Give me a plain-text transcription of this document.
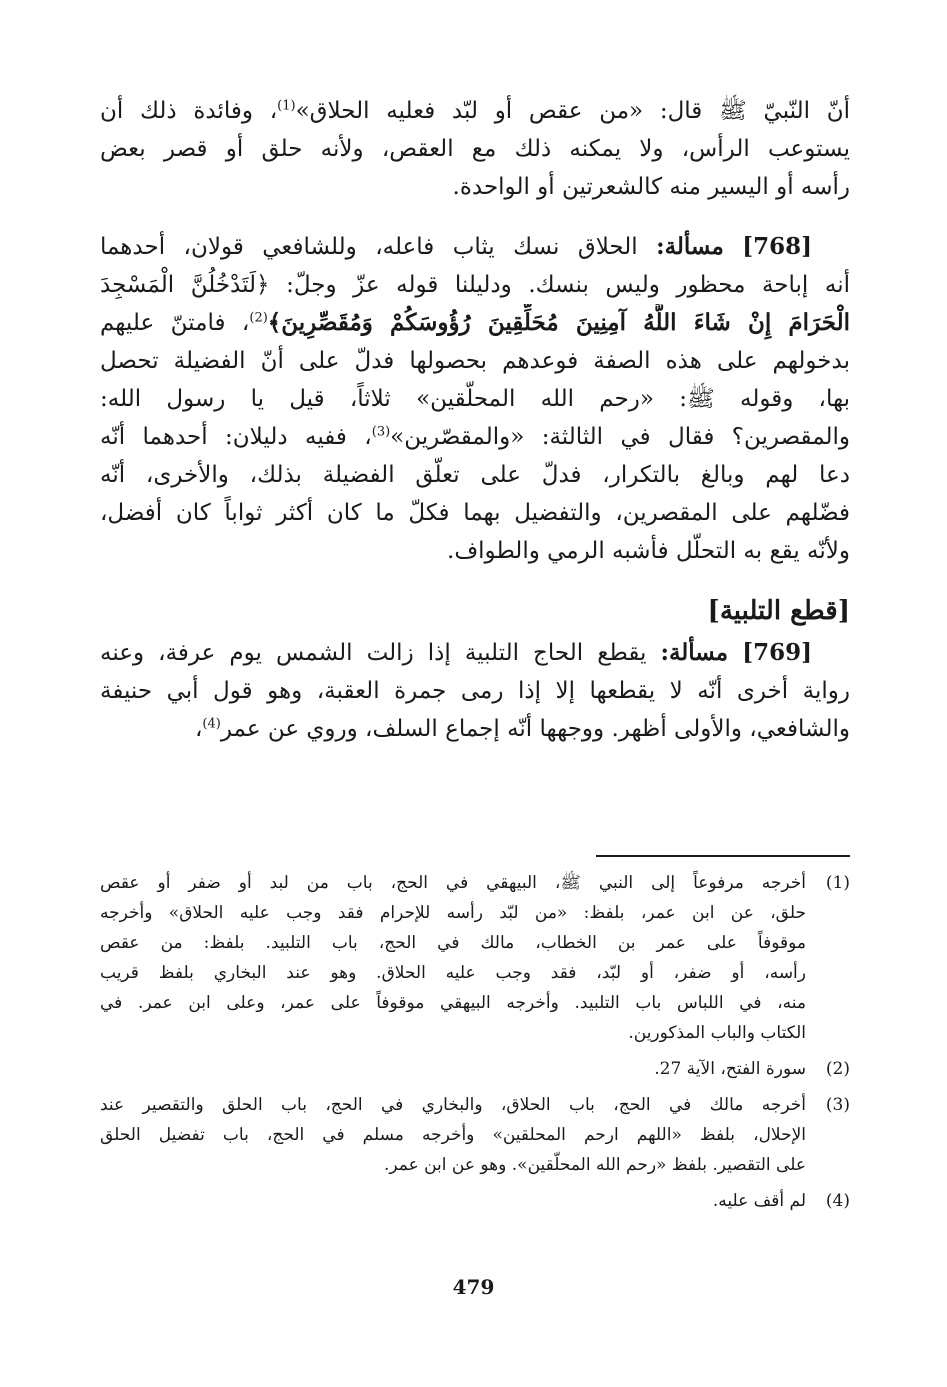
أنّ النّبيّ ﷺ قال: «من عقص أو لبّد فعليه الحلاق»$^{(1)}$، وفائدة ذلك أن
يستوعب الرأس، ولا يمكنه ذلك مع العقص، ولأنه حلق أو قصر بعض
رأسه أو اليسير منه كالشعرتين أو الواحدة.
[768] مسألة: الحلاق نسك يثاب فاعله، وللشافعي قولان، أحدهما
أنه إباحة محظور وليس بنسك. ودليلنا قوله عزّ وجلّ: ﴿لَتَدْخُلُنَّ الْمَسْجِدَ
الْحَرَامَ إِنْ شَاءَ اللَّهُ آمِنِينَ مُحَلِّقِينَ رُؤُوسَكُمْ وَمُقَصِّرِينَ﴾$^{(2)}$، فامتنّ عليهم
بدخولهم على هذه الصفة فوعدهم بحصولها فدلّ على أنّ الفضيلة تحصل
بها، وقوله ﷺ: «رحم الله المحلّقين» ثلاثاً، قيل يا رسول الله:
والمقصرين؟ فقال في الثالثة: «والمقصّرين»$^{(3)}$، ففيه دليلان: أحدهما أنّه
دعا لهم وبالغ بالتكرار، فدلّ على تعلّق الفضيلة بذلك، والأخرى، أنّه
فضّلهم على المقصرين، والتفضيل بهما فكلّ ما كان أكثر ثواباً كان أفضل،
ولأنّه يقع به التحلّل فأشبه الرمي والطواف.
[قطع التلبية]
[769] مسألة: يقطع الحاج التلبية إذا زالت الشمس يوم عرفة، وعنه
رواية أخرى أنّه لا يقطعها إلا إذا رمى جمرة العقبة، وهو قول أبي حنيفة
والشافعي، والأولى أظهر. ووجهها أنّه إجماع السلف، وروي عن عمر$^{(4)}$،
(1)
أخرجه مرفوعاً إلى النبي ﷺ، البيهقي في الحج، باب من لبد أو ضفر أو عقص
حلق، عن ابن عمر، بلفظ: «من لبّد رأسه للإحرام فقد وجب عليه الحلاق» وأخرجه
موقوفاً على عمر بن الخطاب، مالك في الحج، باب التلبيد. بلفظ: من عقص
رأسه، أو ضفر، أو لبّد، فقد وجب عليه الحلاق. وهو عند البخاري بلفظ قريب
منه، في اللباس باب التلبيد. وأخرجه البيهقي موقوفاً على عمر، وعلى ابن عمر. في
الكتاب والباب المذكورين.
(2)
سورة الفتح، الآية 27.
(3)
أخرجه مالك في الحج، باب الحلاق، والبخاري في الحج، باب الحلق والتقصير عند
الإحلال، بلفظ «اللهم ارحم المحلقين» وأخرجه مسلم في الحج، باب تفضيل الحلق
على التقصير. بلفظ «رحم الله المحلّقين». وهو عن ابن عمر.
(4)
لم أقف عليه.
479
